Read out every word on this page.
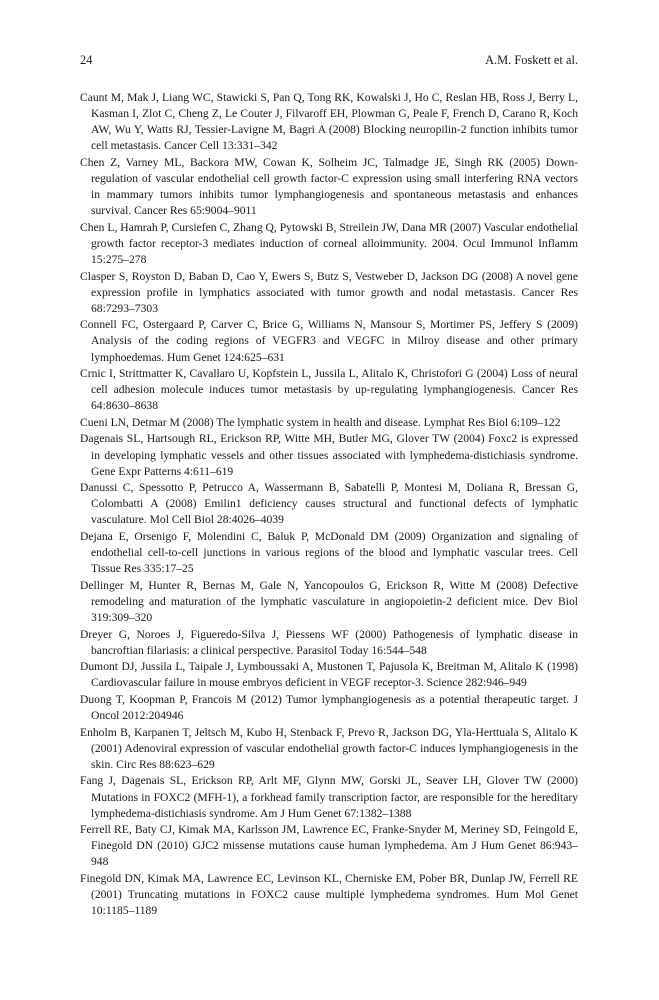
24	A.M. Foskett et al.
Caunt M, Mak J, Liang WC, Stawicki S, Pan Q, Tong RK, Kowalski J, Ho C, Reslan HB, Ross J, Berry L, Kasman I, Zlot C, Cheng Z, Le Couter J, Filvaroff EH, Plowman G, Peale F, French D, Carano R, Koch AW, Wu Y, Watts RJ, Tessier-Lavigne M, Bagri A (2008) Blocking neuropilin-2 function inhibits tumor cell metastasis. Cancer Cell 13:331–342
Chen Z, Varney ML, Backora MW, Cowan K, Solheim JC, Talmadge JE, Singh RK (2005) Down-regulation of vascular endothelial cell growth factor-C expression using small interfering RNA vectors in mammary tumors inhibits tumor lymphangiogenesis and spontaneous metastasis and enhances survival. Cancer Res 65:9004–9011
Chen L, Hamrah P, Cursiefen C, Zhang Q, Pytowski B, Streilein JW, Dana MR (2007) Vascular endothelial growth factor receptor-3 mediates induction of corneal alloimmunity. 2004. Ocul Immunol Inflamm 15:275–278
Clasper S, Royston D, Baban D, Cao Y, Ewers S, Butz S, Vestweber D, Jackson DG (2008) A novel gene expression profile in lymphatics associated with tumor growth and nodal metastasis. Cancer Res 68:7293–7303
Connell FC, Ostergaard P, Carver C, Brice G, Williams N, Mansour S, Mortimer PS, Jeffery S (2009) Analysis of the coding regions of VEGFR3 and VEGFC in Milroy disease and other primary lymphoedemas. Hum Genet 124:625–631
Crnic I, Strittmatter K, Cavallaro U, Kopfstein L, Jussila L, Alitalo K, Christofori G (2004) Loss of neural cell adhesion molecule induces tumor metastasis by up-regulating lymphangiogenesis. Cancer Res 64:8630–8638
Cueni LN, Detmar M (2008) The lymphatic system in health and disease. Lymphat Res Biol 6:109–122
Dagenais SL, Hartsough RL, Erickson RP, Witte MH, Butler MG, Glover TW (2004) Foxc2 is expressed in developing lymphatic vessels and other tissues associated with lymphedema-distichiasis syndrome. Gene Expr Patterns 4:611–619
Danussi C, Spessotto P, Petrucco A, Wassermann B, Sabatelli P, Montesi M, Doliana R, Bressan G, Colombatti A (2008) Emilin1 deficiency causes structural and functional defects of lymphatic vasculature. Mol Cell Biol 28:4026–4039
Dejana E, Orsenigo F, Molendini C, Baluk P, McDonald DM (2009) Organization and signaling of endothelial cell-to-cell junctions in various regions of the blood and lymphatic vascular trees. Cell Tissue Res 335:17–25
Dellinger M, Hunter R, Bernas M, Gale N, Yancopoulos G, Erickson R, Witte M (2008) Defective remodeling and maturation of the lymphatic vasculature in angiopoietin-2 deficient mice. Dev Biol 319:309–320
Dreyer G, Noroes J, Figueredo-Silva J, Piessens WF (2000) Pathogenesis of lymphatic disease in bancroftian filariasis: a clinical perspective. Parasitol Today 16:544–548
Dumont DJ, Jussila L, Taipale J, Lymboussaki A, Mustonen T, Pajusola K, Breitman M, Alitalo K (1998) Cardiovascular failure in mouse embryos deficient in VEGF receptor-3. Science 282:946–949
Duong T, Koopman P, Francois M (2012) Tumor lymphangiogenesis as a potential therapeutic target. J Oncol 2012:204946
Enholm B, Karpanen T, Jeltsch M, Kubo H, Stenback F, Prevo R, Jackson DG, Yla-Herttuala S, Alitalo K (2001) Adenoviral expression of vascular endothelial growth factor-C induces lymphangiogenesis in the skin. Circ Res 88:623–629
Fang J, Dagenais SL, Erickson RP, Arlt MF, Glynn MW, Gorski JL, Seaver LH, Glover TW (2000) Mutations in FOXC2 (MFH-1), a forkhead family transcription factor, are responsible for the hereditary lymphedema-distichiasis syndrome. Am J Hum Genet 67:1382–1388
Ferrell RE, Baty CJ, Kimak MA, Karlsson JM, Lawrence EC, Franke-Snyder M, Meriney SD, Feingold E, Finegold DN (2010) GJC2 missense mutations cause human lymphedema. Am J Hum Genet 86:943–948
Finegold DN, Kimak MA, Lawrence EC, Levinson KL, Cherniske EM, Pober BR, Dunlap JW, Ferrell RE (2001) Truncating mutations in FOXC2 cause multiple lymphedema syndromes. Hum Mol Genet 10:1185–1189
